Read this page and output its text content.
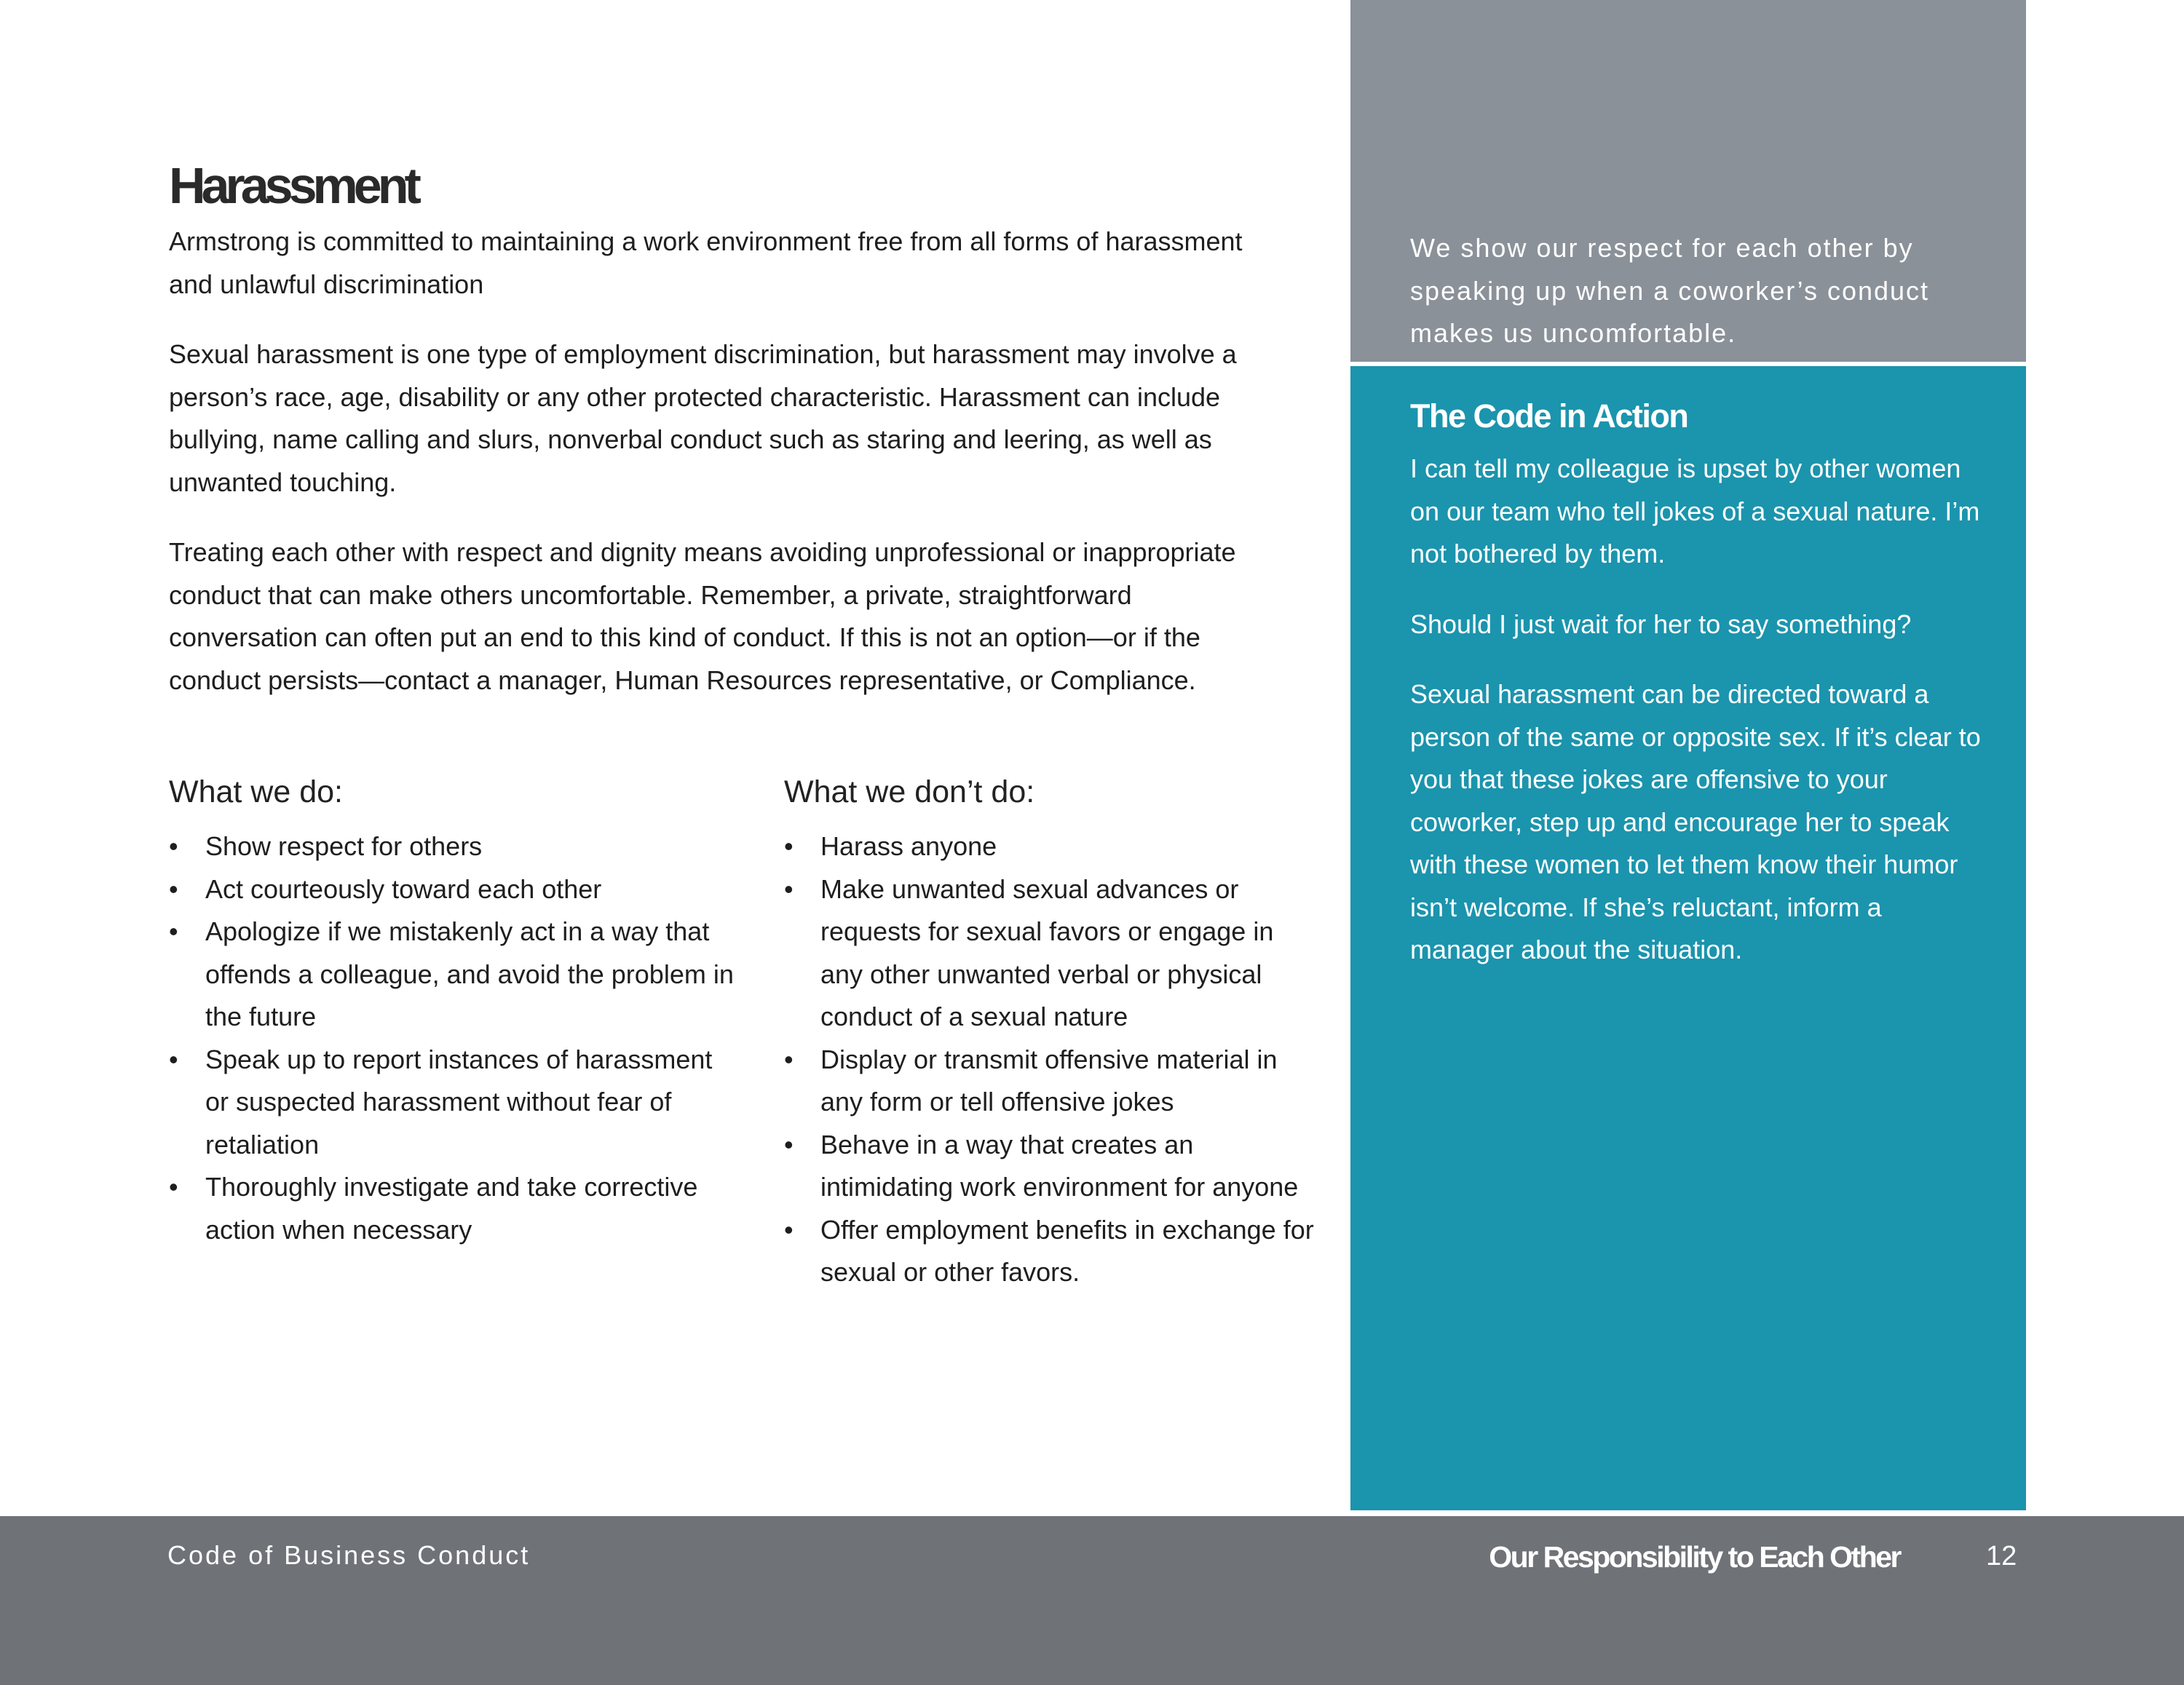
Harassment

Armstrong is committed to maintaining a work environment free from all forms of harassment and unlawful discrimination

Sexual harassment is one type of employment discrimination, but harassment may involve a person’s race, age, disability or any other protected characteristic. Harassment can include bullying, name calling and slurs, nonverbal conduct such as staring and leering, as well as unwanted touching.

Treating each other with respect and dignity means avoiding unprofessional or inappropriate conduct that can make others uncomfortable. Remember, a private, straightforward conversation can often put an end to this kind of conduct. If this is not an option—or if the conduct persists—contact a manager, Human Resources representative, or Compliance.

What we do:
• Show respect for others
• Act courteously toward each other
• Apologize if we mistakenly act in a way that offends a colleague, and avoid the problem in the future
• Speak up to report instances of harassment or suspected harassment without fear of retaliation
• Thoroughly investigate and take corrective action when necessary
What we don’t do:
• Harass anyone
• Make unwanted sexual advances or requests for sexual favors or engage in any other unwanted verbal or physical conduct of a sexual nature
• Display or transmit offensive material in any form or tell offensive jokes
• Behave in a way that creates an intimidating work environment for anyone
• Offer employment benefits in exchange for sexual or other favors.

We show our respect for each other by speaking up when a coworker’s conduct makes us uncomfortable.

The Code in Action

I can tell my colleague is upset by other women on our team who tell jokes of a sexual nature. I’m not bothered by them.

Should I just wait for her to say something?

Sexual harassment can be directed toward a person of the same or opposite sex. If it’s clear to you that these jokes are offensive to your coworker, step up and encourage her to speak with these women to let them know their humor isn’t welcome. If she’s reluctant, inform a manager about the situation.

Code of Business Conduct	Our Responsibility to Each Other	12
